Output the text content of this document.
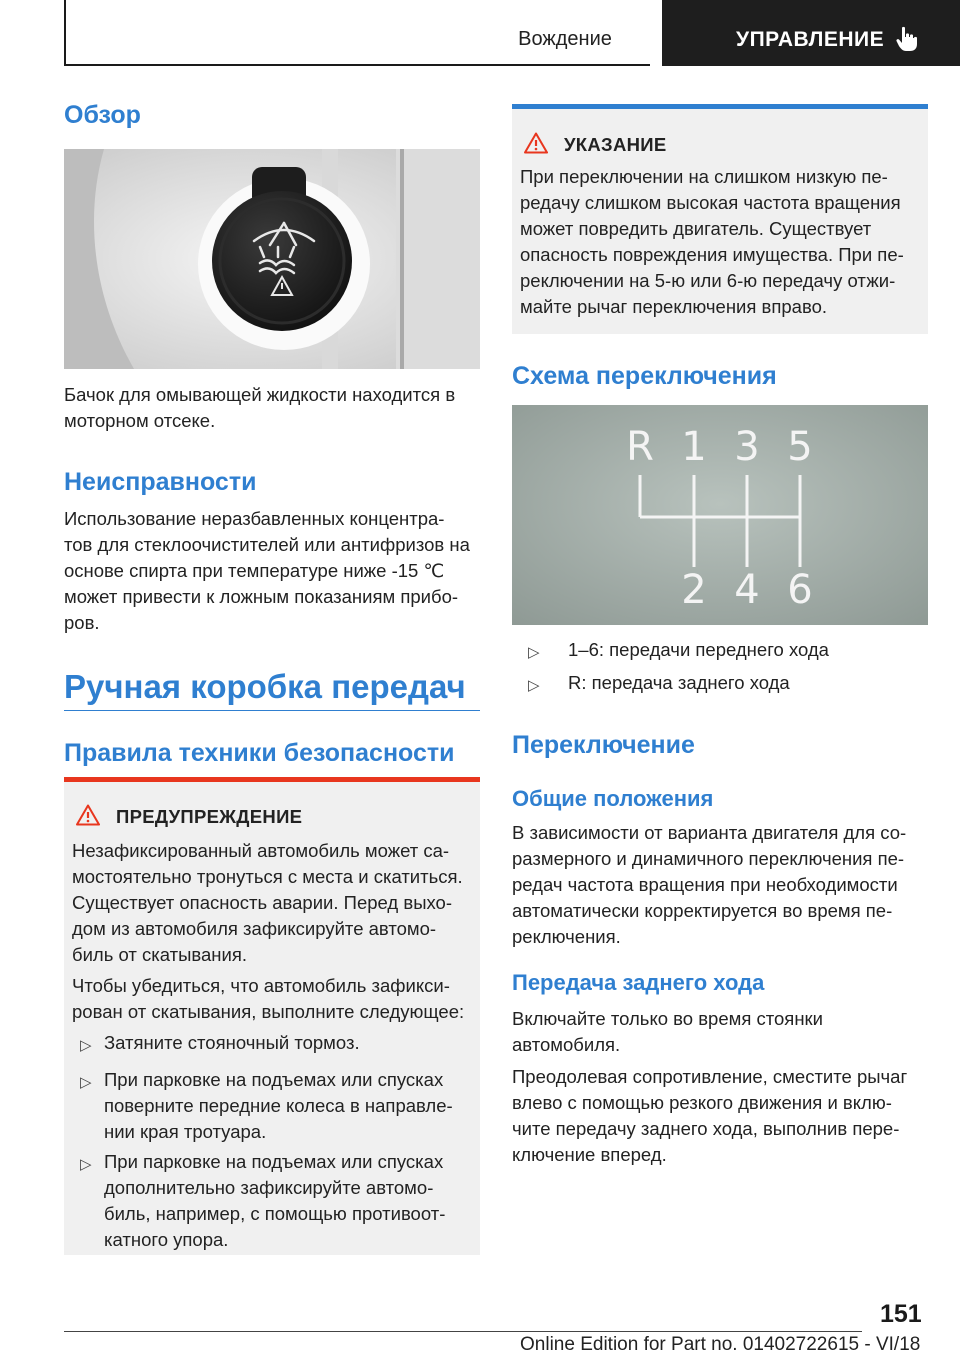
Вождение	УПРАВЛЕНИЕ
Обзор

Бачок для омывающей жидкости находится в

моторном отсеке.

Неисправности

Использование неразбавленных концентра-

тов для стеклоочистителей или антифризов на

основе спирта при температуре ниже -15 ℃

может привести к ложным показаниям прибо-

ров.

Ручная коробка передач
Правила техники безопасности
ПРЕДУПРЕЖДЕНИЕ

Незафиксированный автомобиль может са-

мостоятельно тронуться с места и скатиться.

Существует опасность аварии. Перед выхо-

дом из автомобиля зафиксируйте автомо-

биль от скатывания.

Чтобы убедиться, что автомобиль зафикси-

рован от скатывания, выполните следующее:

▷ Затяните стояночный тормоз.

▷ При парковке на подъемах или спусках

поверните передние колеса в направле-

нии края тротуара.

▷ При парковке на подъемах или спусках

дополнительно зафиксируйте автомо-

биль, например, с помощью противоот-

катного упора.

УКАЗАНИЕ

При переключении на слишком низкую пе-

редачу слишком высокая частота вращения

может повредить двигатель. Существует

опасность повреждения имущества. При пе-

реключении на 5-ю или 6-ю передачу отжи-

майте рычаг переключения вправо.

Схема переключения
R 1 3 5
2 4 6
▷ 1–6: передачи переднего хода

▷ R: передача заднего хода

Переключение
Общие положения

В зависимости от варианта двигателя для со-

размерного и динамичного переключения пе-

редач частота вращения при необходимости

автоматически корректируется во время пе-

реключения.

Передача заднего хода

Включайте только во время стоянки

автомобиля.

Преодолевая сопротивление, сместите рычаг

влево с помощью резкого движения и вклю-

чите передачу заднего хода, выполнив пере-

ключение вперед.

151
Online Edition for Part no. 01402722615 - VI/18
